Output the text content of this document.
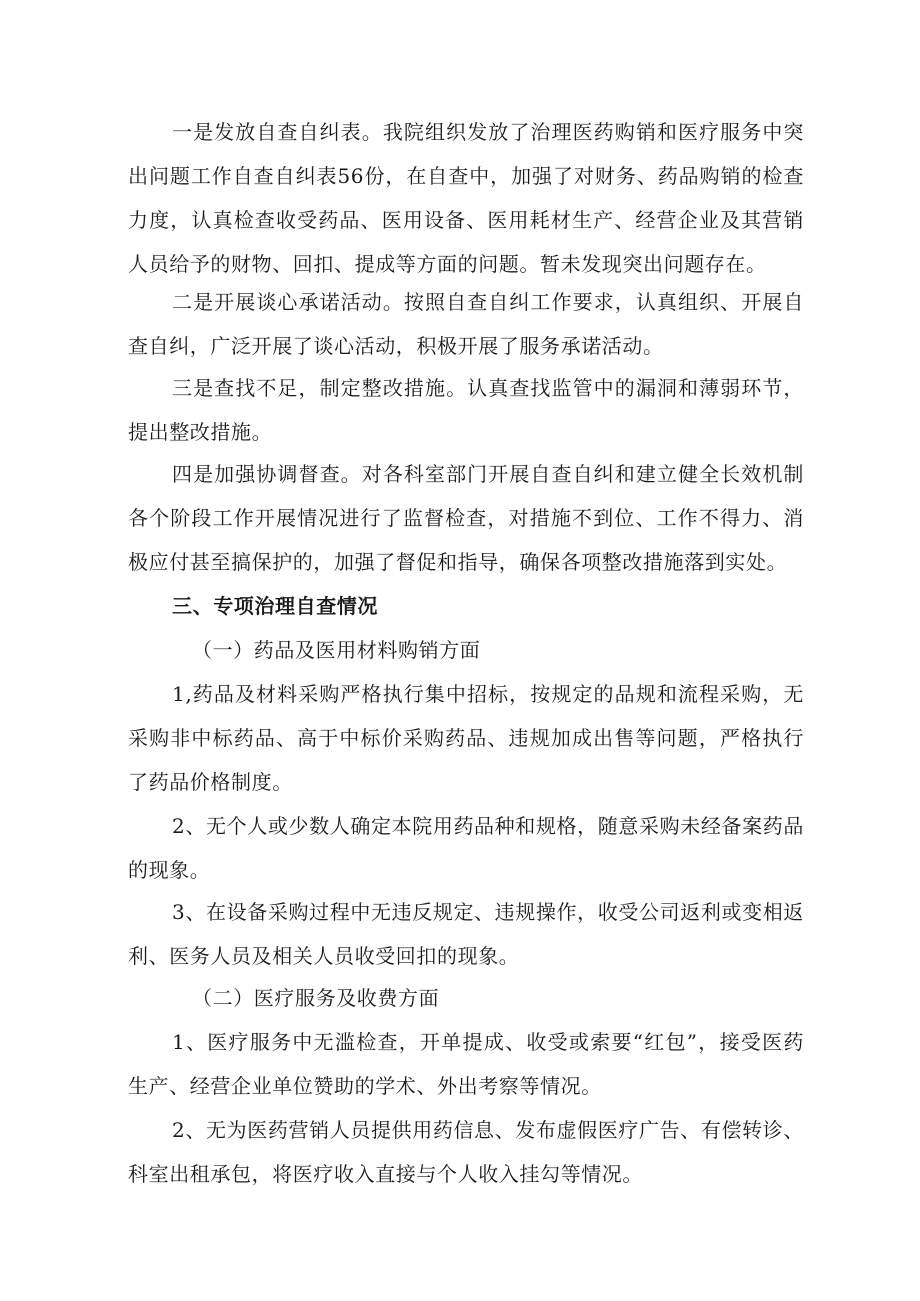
一是发放自查自纠表。我院组织发放了治理医药购销和医疗服务中突出问题工作自查自纠表56份，在自查中，加强了对财务、药品购销的检查力度，认真检查收受药品、医用设备、医用耗材生产、经营企业及其营销人员给予的财物、回扣、提成等方面的问题。暂未发现突出问题存在。

二是开展谈心承诺活动。按照自查自纠工作要求，认真组织、开展自查自纠，广泛开展了谈心活动，积极开展了服务承诺活动。

三是查找不足，制定整改措施。认真查找监管中的漏洞和薄弱环节，提出整改措施。

四是加强协调督查。对各科室部门开展自查自纠和建立健全长效机制各个阶段工作开展情况进行了监督检查，对措施不到位、工作不得力、消极应付甚至搞保护的，加强了督促和指导，确保各项整改措施落到实处。

三、专项治理自查情况

（一）药品及医用材料购销方面

1,药品及材料采购严格执行集中招标，按规定的品规和流程采购，无采购非中标药品、高于中标价采购药品、违规加成出售等问题，严格执行了药品价格制度。

2、无个人或少数人确定本院用药品种和规格，随意采购未经备案药品的现象。

3、在设备采购过程中无违反规定、违规操作，收受公司返利或变相返利、医务人员及相关人员收受回扣的现象。

（二）医疗服务及收费方面

1、医疗服务中无滥检查，开单提成、收受或索要“红包”，接受医药生产、经营企业单位赞助的学术、外出考察等情况。

2、无为医药营销人员提供用药信息、发布虚假医疗广告、有偿转诊、科室出租承包，将医疗收入直接与个人收入挂勾等情况。
